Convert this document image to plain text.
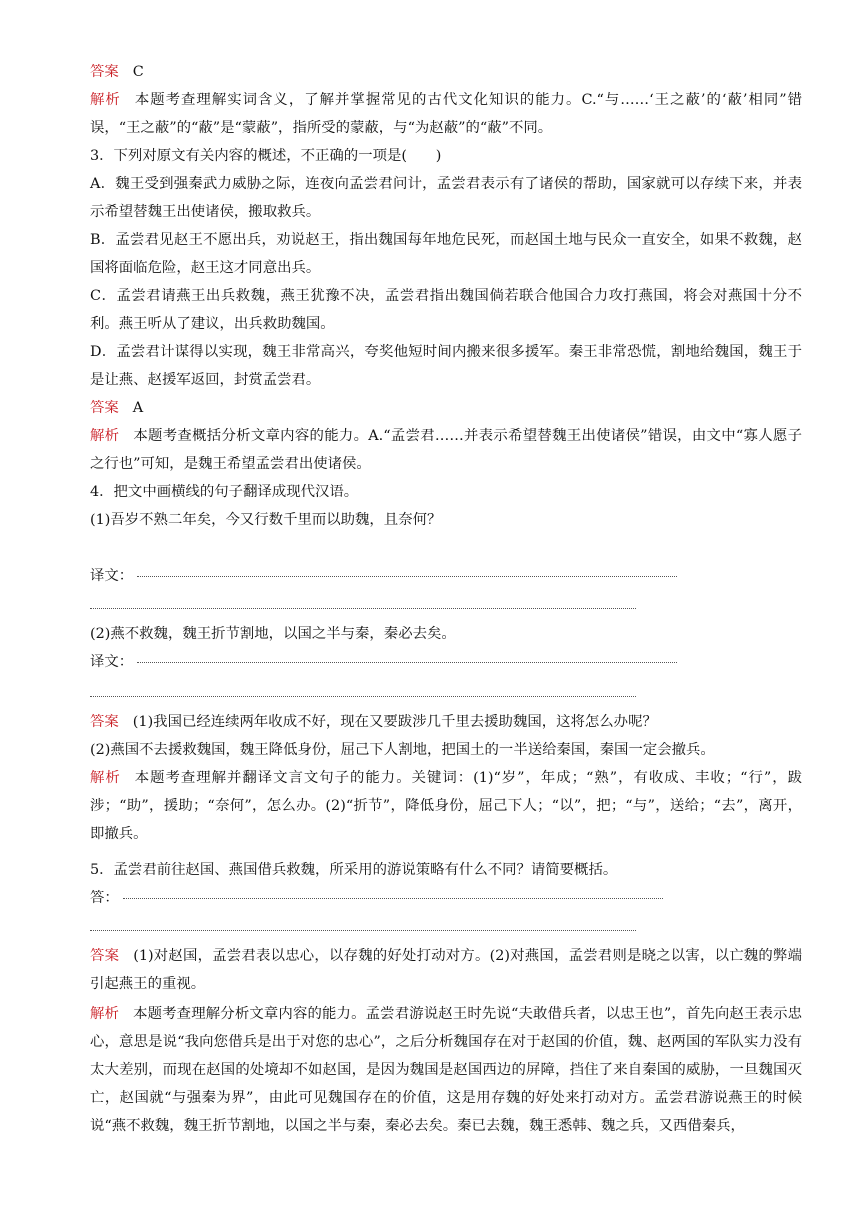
答案 C

解析 本题考查理解实词含义，了解并掌握常见的古代文化知识的能力。C.“与……‘王之蔽’的‘蔽’相同”错误，“王之蔽”的“蔽”是“蒙蔽”，指所受的蒙蔽，与“为赵蔽”的“蔽”不同。

3．下列对原文有关内容的概述，不正确的一项是(　　)

A．魏王受到强秦武力威胁之际，连夜向孟尝君问计，孟尝君表示有了诸侯的帮助，国家就可以存续下来，并表示希望替魏王出使诸侯，搬取救兵。

B．孟尝君见赵王不愿出兵，劝说赵王，指出魏国每年地危民死，而赵国土地与民众一直安全，如果不救魏，赵国将面临危险，赵王这才同意出兵。

C．孟尝君请燕王出兵救魏，燕王犹豫不决，孟尝君指出魏国倘若联合他国合力攻打燕国，将会对燕国十分不利。燕王听从了建议，出兵救助魏国。

D．孟尝君计谋得以实现，魏王非常高兴，夸奖他短时间内搬来很多援军。秦王非常恐慌，割地给魏国，魏王于是让燕、赵援军返回，封赏孟尝君。

答案 A

解析 本题考查概括分析文章内容的能力。A.“孟尝君……并表示希望替魏王出使诸侯”错误，由文中“寡人愿子之行也”可知，是魏王希望孟尝君出使诸侯。

4．把文中画横线的句子翻译成现代汉语。

(1)吾岁不熟二年矣，今又行数千里而以助魏，且奈何？

译文：

(2)燕不救魏，魏王折节割地，以国之半与秦，秦必去矣。

译文：

答案 (1)我国已经连续两年收成不好，现在又要跋涉几千里去援助魏国，这将怎么办呢？

(2)燕国不去援救魏国，魏王降低身份，屈己下人割地，把国土的一半送给秦国，秦国一定会撤兵。

解析 本题考查理解并翻译文言文句子的能力。关键词：(1)“岁”，年成；“熟”，有收成、丰收；“行”，跋涉；“助”，援助；“奈何”，怎么办。(2)“折节”，降低身份，屈己下人；“以”，把；“与”，送给；“去”，离开，即撤兵。

5．孟尝君前往赵国、燕国借兵救魏，所采用的游说策略有什么不同？请简要概括。

答：

答案 (1)对赵国，孟尝君表以忠心，以存魏的好处打动对方。(2)对燕国，孟尝君则是晓之以害，以亡魏的弊端引起燕王的重视。

解析 本题考查理解分析文章内容的能力。孟尝君游说赵王时先说“夫敢借兵者，以忠王也”，首先向赵王表示忠心，意思是说“我向您借兵是出于对您的忠心”，之后分析魏国存在对于赵国的价值，魏、赵两国的军队实力没有太大差别，而现在赵国的处境却不如赵国，是因为魏国是赵国西边的屏障，挡住了来自秦国的威胁，一旦魏国灭亡，赵国就“与强秦为界”，由此可见魏国存在的价值，这是用存魏的好处来打动对方。孟尝君游说燕王的时候说“燕不救魏，魏王折节割地，以国之半与秦，秦必去矣。秦已去魏，魏王悉韩、魏之兵，又西借秦兵，
